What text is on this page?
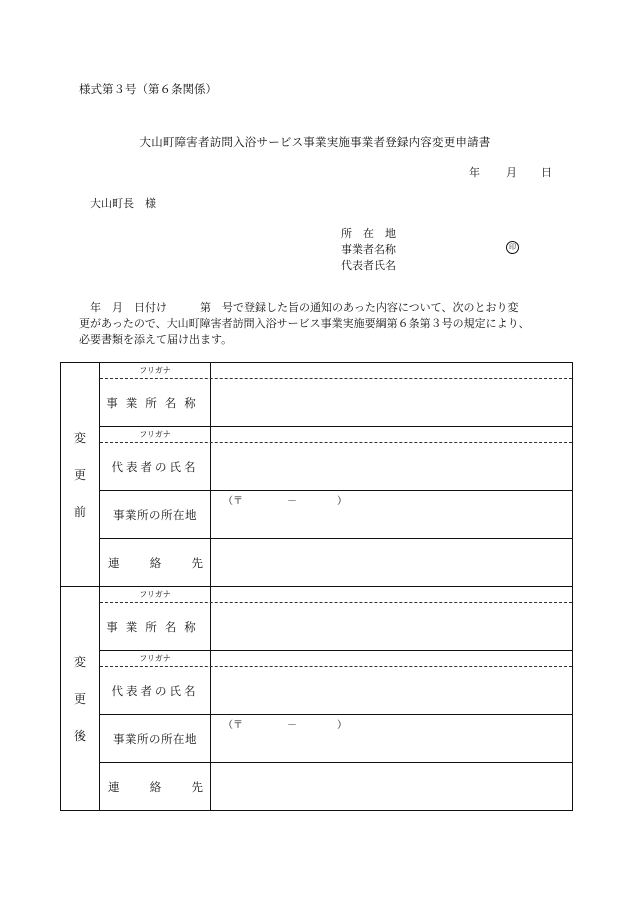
様式第３号（第６条関係）
大山町障害者訪問入浴サービス事業実施事業者登録内容変更申請書
年 月 日
大山町長　様
所　在　地
事業者名称
代表者氏名
印

年　月　日付け　　　第　号で登録した旨の通知のあった内容について、次のとおり変

更があったので、大山町障害者訪問入浴サービス事業実施要綱第６条第３号の規定により、

必要書類を添えて届け出ます。

変
更
前
フリガナ
事業所名称
フリガナ
代表者の氏名
事業所の所在地
（〒	－	）
連	絡	先
変
更
後
フリガナ
事業所名称
フリガナ
代表者の氏名
事業所の所在地
（〒	－	）
連	絡	先
